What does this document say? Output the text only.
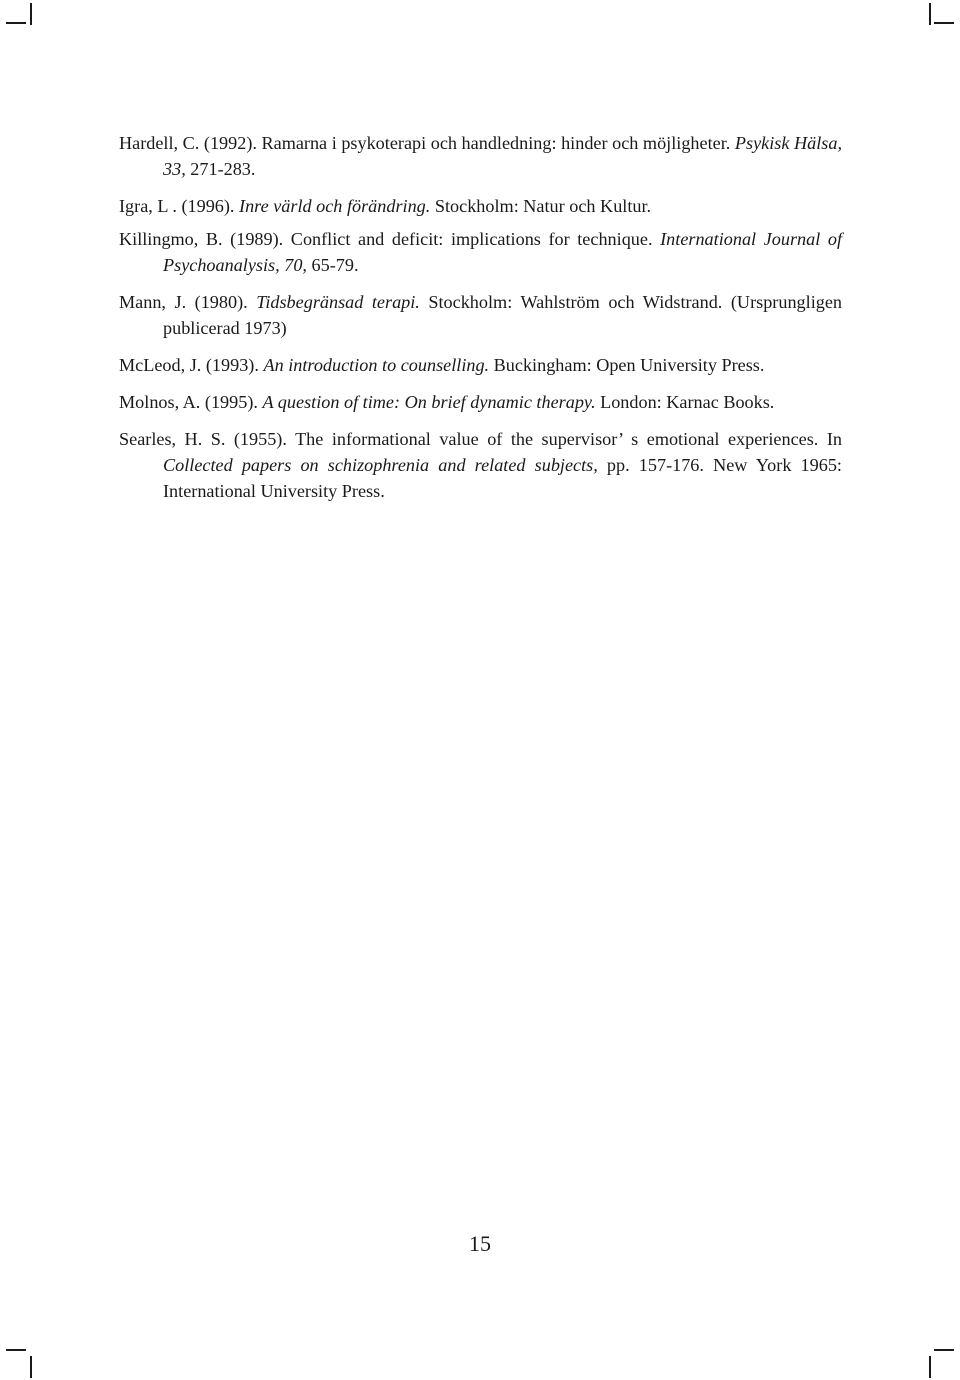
Hardell, C. (1992). Ramarna i psykoterapi och handledning: hinder och möjligheter. Psykisk Hälsa, 33, 271-283.
Igra, L . (1996). Inre värld och förändring. Stockholm: Natur och Kultur.
Killingmo, B. (1989). Conflict and deficit: implications for technique. International Journal of Psychoanalysis, 70, 65-79.
Mann, J. (1980). Tidsbegränsad terapi. Stockholm: Wahlström och Widstrand. (Ursprungligen publicerad 1973)
McLeod, J. (1993). An introduction to counselling. Buckingham: Open University Press.
Molnos, A. (1995). A question of time: On brief dynamic therapy. London: Karnac Books.
Searles, H. S. (1955). The informational value of the supervisor’ s emotional experiences. In Collected papers on schizophrenia and related subjects, pp. 157-176. New York 1965: International University Press.
15
